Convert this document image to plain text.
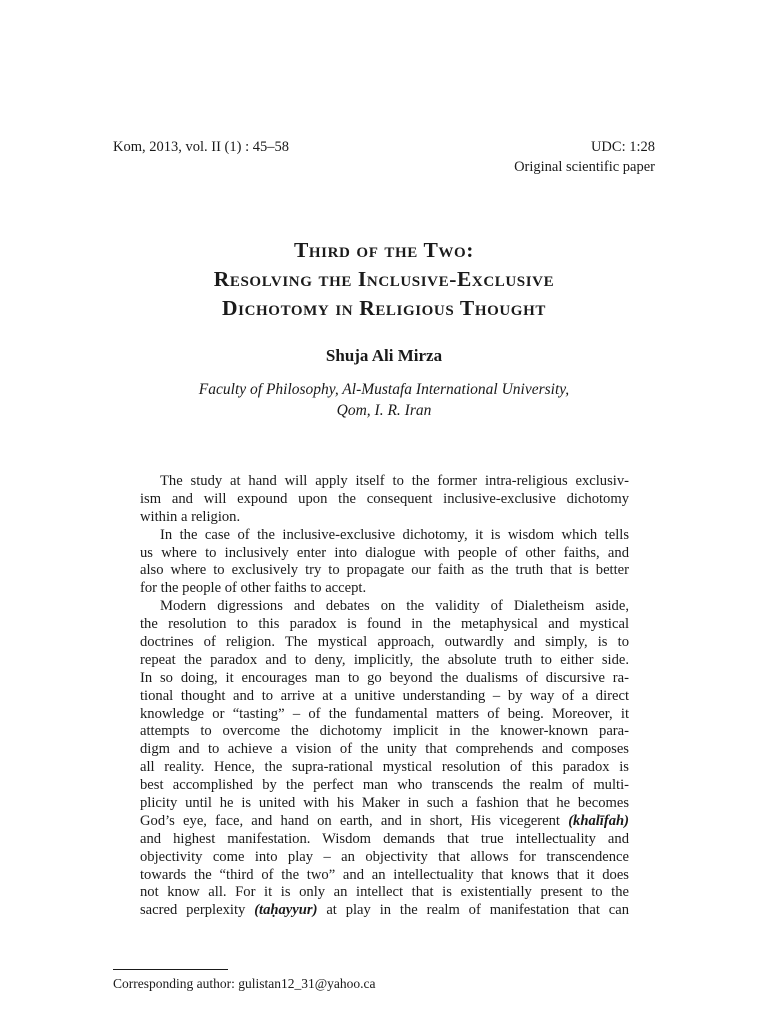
Kom, 2013, vol. II (1) : 45–58	UDC: 1:28
Original scientific paper
Third of the Two:
Resolving the Inclusive-Exclusive
Dichotomy in Religious Thought
Shuja Ali Mirza
Faculty of Philosophy, Al-Mustafa International University,
Qom, I. R. Iran
The study at hand will apply itself to the former intra-religious exclusiv-
ism and will expound upon the consequent inclusive-exclusive dichotomy
within a religion.
In the case of the inclusive-exclusive dichotomy, it is wisdom which tells
us where to inclusively enter into dialogue with people of other faiths, and
also where to exclusively try to propagate our faith as the truth that is better
for the people of other faiths to accept.
Modern digressions and debates on the validity of Dialetheism aside,
the resolution to this paradox is found in the metaphysical and mystical
doctrines of religion. The mystical approach, outwardly and simply, is to
repeat the paradox and to deny, implicitly, the absolute truth to either side.
In so doing, it encourages man to go beyond the dualisms of discursive ra-
tional thought and to arrive at a unitive understanding – by way of a direct
knowledge or “tasting” – of the fundamental matters of being. Moreover, it
attempts to overcome the dichotomy implicit in the knower-known para-
digm and to achieve a vision of the unity that comprehends and composes
all reality. Hence, the supra-rational mystical resolution of this paradox is
best accomplished by the perfect man who transcends the realm of multi-
plicity until he is united with his Maker in such a fashion that he becomes
God’s eye, face, and hand on earth, and in short, His vicegerent (khalīfah)
and highest manifestation. Wisdom demands that true intellectuality and
objectivity come into play – an objectivity that allows for transcendence
towards the “third of the two” and an intellectuality that knows that it does
not know all. For it is only an intellect that is existentially present to the
sacred perplexity (taḥayyur) at play in the realm of manifestation that can
Corresponding author: gulistan12_31@yahoo.ca
